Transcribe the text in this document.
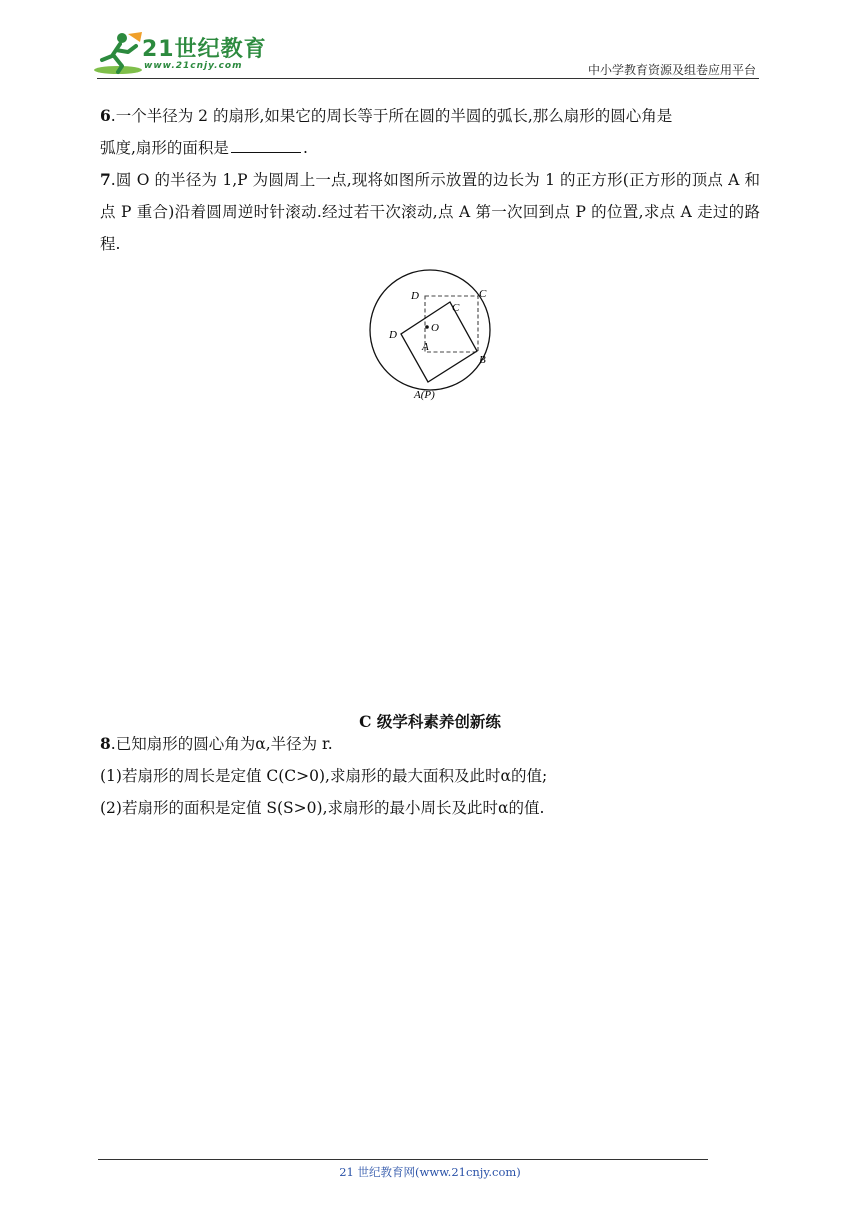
21世纪教育
www.21cnjy.com	中小学教育资源及组卷应用平台

6.一个半径为 2 的扇形,如果它的周长等于所在圆的半圆的弧长,那么扇形的圆心角是
弧度,扇形的面积是	.

7.圆 O 的半径为 1,P 为圆周上一点,现将如图所示放置的边长为 1 的正方形(正方形的顶点 A 和点 P 重合)沿着圆周逆时针滚动.经过若干次滚动,点 A 第一次回到点 P 的位置,求点 A 走过的路程.

D	C
C
O
D
A
B
A(P)
C 级学科素养创新练

8.已知扇形的圆心角为α,半径为 r.

(1)若扇形的周长是定值 C(C>0),求扇形的最大面积及此时α的值;

(2)若扇形的面积是定值 S(S>0),求扇形的最小周长及此时α的值.

21 世纪教育网(www.21cnjy.com)
